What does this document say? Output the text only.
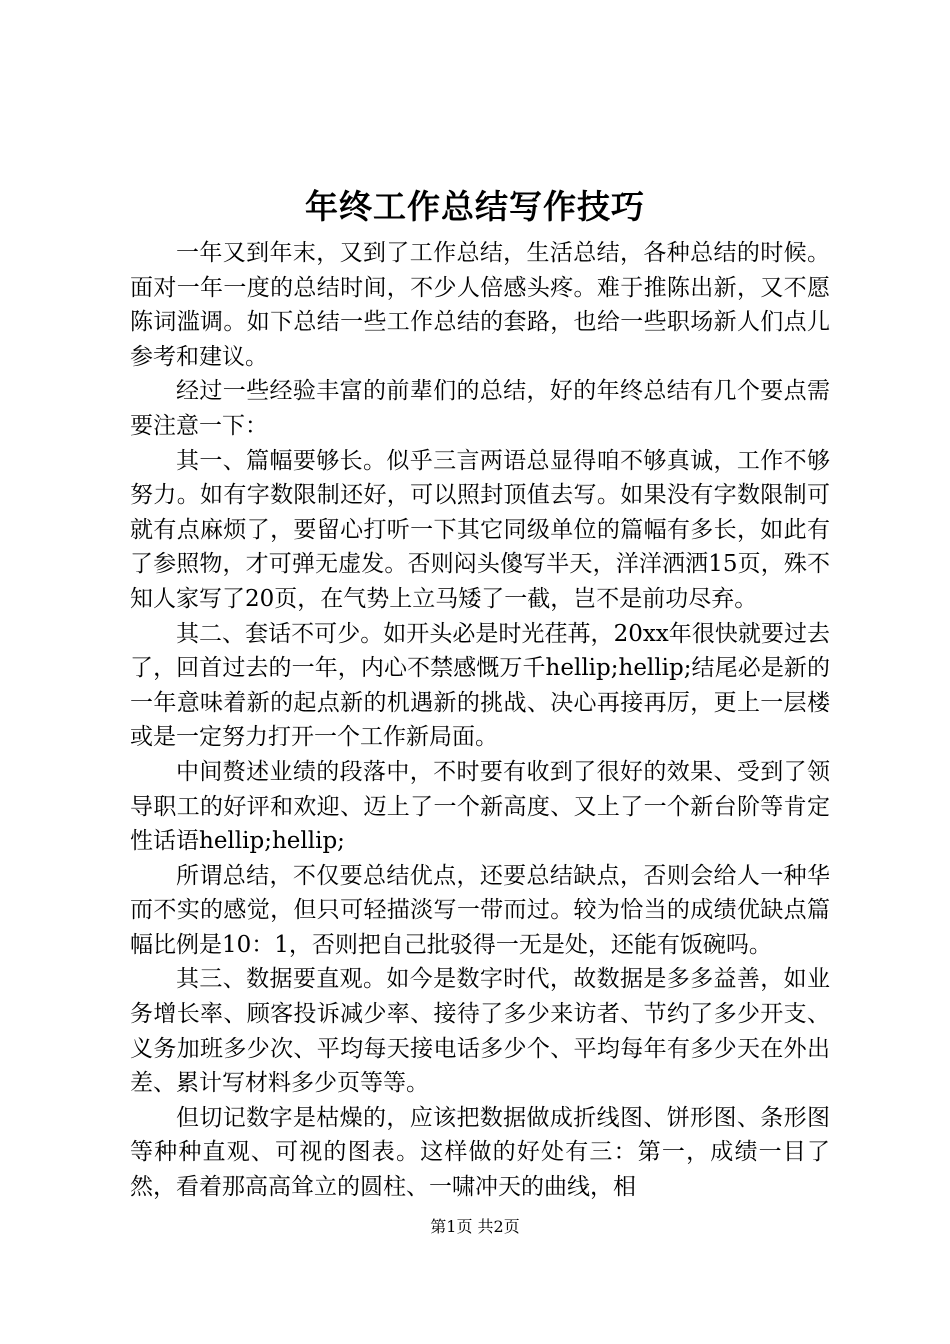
年终工作总结写作技巧

一年又到年末，又到了工作总结，生活总结，各种总结的时候。面对一年一度的总结时间，不少人倍感头疼。难于推陈出新，又不愿陈词滥调。如下总结一些工作总结的套路，也给一些职场新人们点儿参考和建议。

经过一些经验丰富的前辈们的总结，好的年终总结有几个要点需要注意一下：

其一、篇幅要够长。似乎三言两语总显得咱不够真诚，工作不够努力。如有字数限制还好，可以照封顶值去写。如果没有字数限制可就有点麻烦了，要留心打听一下其它同级单位的篇幅有多长，如此有了参照物，才可弹无虚发。否则闷头傻写半天，洋洋洒洒15页，殊不知人家写了20页，在气势上立马矮了一截，岂不是前功尽弃。

其二、套话不可少。如开头必是时光荏苒，20xx年很快就要过去了，回首过去的一年，内心不禁感慨万千hellip;hellip;结尾必是新的一年意味着新的起点新的机遇新的挑战、决心再接再厉，更上一层楼或是一定努力打开一个工作新局面。

中间赘述业绩的段落中，不时要有收到了很好的效果、受到了领导职工的好评和欢迎、迈上了一个新高度、又上了一个新台阶等肯定性话语hellip;hellip;

所谓总结，不仅要总结优点，还要总结缺点，否则会给人一种华而不实的感觉，但只可轻描淡写一带而过。较为恰当的成绩优缺点篇幅比例是10：1，否则把自己批驳得一无是处，还能有饭碗吗。

其三、数据要直观。如今是数字时代，故数据是多多益善，如业务增长率、顾客投诉减少率、接待了多少来访者、节约了多少开支、义务加班多少次、平均每天接电话多少个、平均每年有多少天在外出差、累计写材料多少页等等。

但切记数字是枯燥的，应该把数据做成折线图、饼形图、条形图等种种直观、可视的图表。这样做的好处有三：第一，成绩一目了然，看着那高高耸立的圆柱、一啸冲天的曲线，相

第1页 共2页
